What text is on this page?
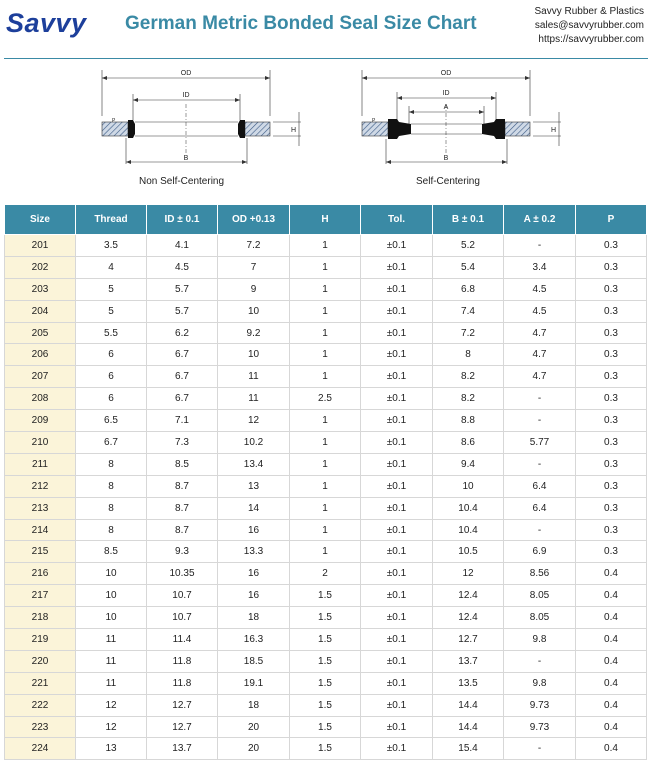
Savvy German Metric Bonded Seal Size Chart
Savvy Rubber & Plastics
sales@savvyrubber.com
https://savvyrubber.com
OD
ID
P
H
B
Non Self-Centering
OD
ID
A
P
H
B
Self-Centering
Size	Thread	ID ± 0.1	OD +0.13	H	Tol.	B ± 0.1	A ± 0.2	P
201	3.5	4.1	7.2	1	±0.1	5.2	-	0.3
202	4	4.5	7	1	±0.1	5.4	3.4	0.3
203	5	5.7	9	1	±0.1	6.8	4.5	0.3
204	5	5.7	10	1	±0.1	7.4	4.5	0.3
205	5.5	6.2	9.2	1	±0.1	7.2	4.7	0.3
206	6	6.7	10	1	±0.1	8	4.7	0.3
207	6	6.7	11	1	±0.1	8.2	4.7	0.3
208	6	6.7	11	2.5	±0.1	8.2	-	0.3
209	6.5	7.1	12	1	±0.1	8.8	-	0.3
210	6.7	7.3	10.2	1	±0.1	8.6	5.77	0.3
211	8	8.5	13.4	1	±0.1	9.4	-	0.3
212	8	8.7	13	1	±0.1	10	6.4	0.3
213	8	8.7	14	1	±0.1	10.4	6.4	0.3
214	8	8.7	16	1	±0.1	10.4	-	0.3
215	8.5	9.3	13.3	1	±0.1	10.5	6.9	0.3
216	10	10.35	16	2	±0.1	12	8.56	0.4
217	10	10.7	16	1.5	±0.1	12.4	8.05	0.4
218	10	10.7	18	1.5	±0.1	12.4	8.05	0.4
219	11	11.4	16.3	1.5	±0.1	12.7	9.8	0.4
220	11	11.8	18.5	1.5	±0.1	13.7	-	0.4
221	11	11.8	19.1	1.5	±0.1	13.5	9.8	0.4
222	12	12.7	18	1.5	±0.1	14.4	9.73	0.4
223	12	12.7	20	1.5	±0.1	14.4	9.73	0.4
224	13	13.7	20	1.5	±0.1	15.4	-	0.4
